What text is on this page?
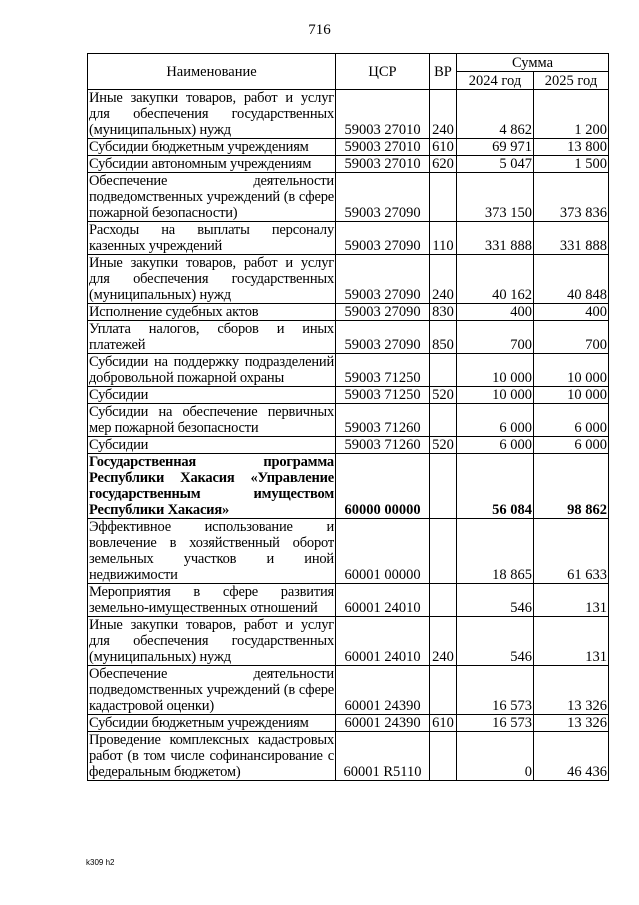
716
Наименование	ЦСР	ВР	Сумма	
			2024 год	2025 год
Иные закупки товаров, работ и услуг для обеспечения государственных (муниципальных) нужд	59003 27010	240	4 862	1 200
Субсидии бюджетным учреждениям	59003 27010	610	69 971	13 800
Субсидии автономным учреждениям	59003 27010	620	5 047	1 500
Обеспечение деятельности подведомственных учреждений (в сфере пожарной безопасности)	59003 27090		373 150	373 836
Расходы на выплаты персоналу казенных учреждений	59003 27090	110	331 888	331 888
Иные закупки товаров, работ и услуг для обеспечения государственных (муниципальных) нужд	59003 27090	240	40 162	40 848
Исполнение судебных актов	59003 27090	830	400	400
Уплата налогов, сборов и иных платежей	59003 27090	850	700	700
Субсидии на поддержку подразделений добровольной пожарной охраны	59003 71250		10 000	10 000
Субсидии	59003 71250	520	10 000	10 000
Субсидии на обеспечение первичных мер пожарной безопасности	59003 71260		6 000	6 000
Субсидии	59003 71260	520	6 000	6 000
Государственная программа Республики Хакасия «Управление государственным имуществом Республики Хакасия»	60000 00000		56 084	98 862
Эффективное использование и вовлечение в хозяйственный оборот земельных участков и иной недвижимости	60001 00000		18 865	61 633
Мероприятия в сфере развития земельно-имущественных отношений	60001 24010		546	131
Иные закупки товаров, работ и услуг для обеспечения государственных (муниципальных) нужд	60001 24010	240	546	131
Обеспечение деятельности подведомственных учреждений (в сфере кадастровой оценки)	60001 24390		16 573	13 326
Субсидии бюджетным учреждениям	60001 24390	610	16 573	13 326
Проведение комплексных кадастровых работ (в том числе софинансирование с федеральным бюджетом)	60001 R5110		0	46 436
k309 h2
